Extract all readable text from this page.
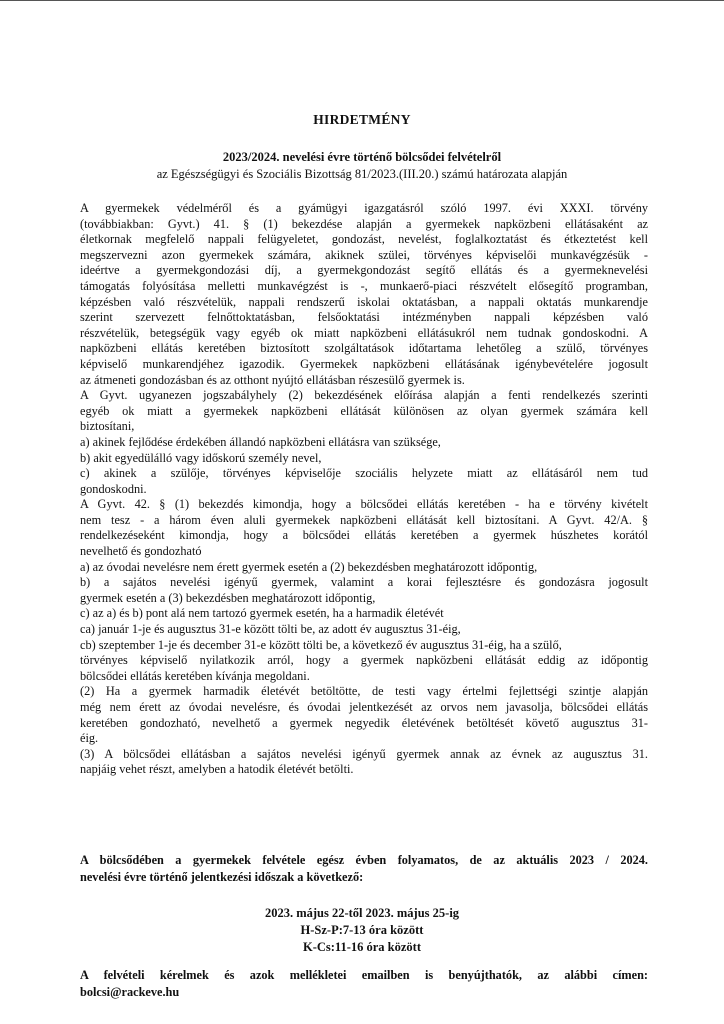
HIRDETMÉNY
2023/2024. nevelési évre történő bölcsődei felvételről
az Egészségügyi és Szociális Bizottság 81/2023.(III.20.) számú határozata alapján
A gyermekek védelméről és a gyámügyi igazgatásról szóló 1997. évi XXXI. törvény
(továbbiakban: Gyvt.) 41. § (1) bekezdése alapján a gyermekek napközbeni ellátásaként az
életkornak megfelelő nappali felügyeletet, gondozást, nevelést, foglalkoztatást és étkeztetést kell
megszervezni azon gyermekek számára, akiknek szülei, törvényes képviselői munkavégzésük -
ideértve a gyermekgondozási díj, a gyermekgondozást segítő ellátás és a gyermeknevelési
támogatás folyósítása melletti munkavégzést is -, munkaerő-piaci részvételt elősegítő programban,
képzésben való részvételük, nappali rendszerű iskolai oktatásban, a nappali oktatás munkarendje
szerint szervezett felnőttoktatásban, felsőoktatási intézményben nappali képzésben való
részvételük, betegségük vagy egyéb ok miatt napközbeni ellátásukról nem tudnak gondoskodni. A
napközbeni ellátás keretében biztosított szolgáltatások időtartama lehetőleg a szülő, törvényes
képviselő munkarendjéhez igazodik. Gyermekek napközbeni ellátásának igénybevételére jogosult
az átmeneti gondozásban és az otthont nyújtó ellátásban részesülő gyermek is.
A Gyvt. ugyanezen jogszabályhely (2) bekezdésének előírása alapján a fenti rendelkezés szerinti
egyéb ok miatt a gyermekek napközbeni ellátását különösen az olyan gyermek számára kell
biztosítani,
a) akinek fejlődése érdekében állandó napközbeni ellátásra van szüksége,
b) akit egyedülálló vagy időskorú személy nevel,
c) akinek a szülője, törvényes képviselője szociális helyzete miatt az ellátásáról nem tud
gondoskodni.
A Gyvt. 42. § (1) bekezdés kimondja, hogy a bölcsődei ellátás keretében - ha e törvény kivételt
nem tesz - a három éven aluli gyermekek napközbeni ellátását kell biztosítani. A Gyvt. 42/A. §
rendelkezéseként kimondja, hogy a bölcsődei ellátás keretében a gyermek húszhetes korától
nevelhető és gondozható
a) az óvodai nevelésre nem érett gyermek esetén a (2) bekezdésben meghatározott időpontig,
b) a sajátos nevelési igényű gyermek, valamint a korai fejlesztésre és gondozásra jogosult
gyermek esetén a (3) bekezdésben meghatározott időpontig,
c) az a) és b) pont alá nem tartozó gyermek esetén, ha a harmadik életévét
ca) január 1-je és augusztus 31-e között tölti be, az adott év augusztus 31-éig,
cb) szeptember 1-je és december 31-e között tölti be, a következő év augusztus 31-éig, ha a szülő,
törvényes képviselő nyilatkozik arról, hogy a gyermek napközbeni ellátását eddig az időpontig
bölcsődei ellátás keretében kívánja megoldani.
(2) Ha a gyermek harmadik életévét betöltötte, de testi vagy értelmi fejlettségi szintje alapján
még nem érett az óvodai nevelésre, és óvodai jelentkezését az orvos nem javasolja, bölcsődei ellátás
keretében gondozható, nevelhető a gyermek negyedik életévének betöltését követő augusztus 31-
éig.
(3) A bölcsődei ellátásban a sajátos nevelési igényű gyermek annak az évnek az augusztus 31.
napjáig vehet részt, amelyben a hatodik életévét betölti.
A bölcsődében a gyermekek felvétele egész évben folyamatos, de az aktuális 2023 / 2024.
nevelési évre történő jelentkezési időszak a következő:
2023. május 22-től 2023. május 25-ig
H-Sz-P:7-13 óra között
K-Cs:11-16 óra között
A felvételi kérelmek és azok mellékletei emailben is benyújthatók, az alábbi címen:
bolcsi@rackeve.hu
